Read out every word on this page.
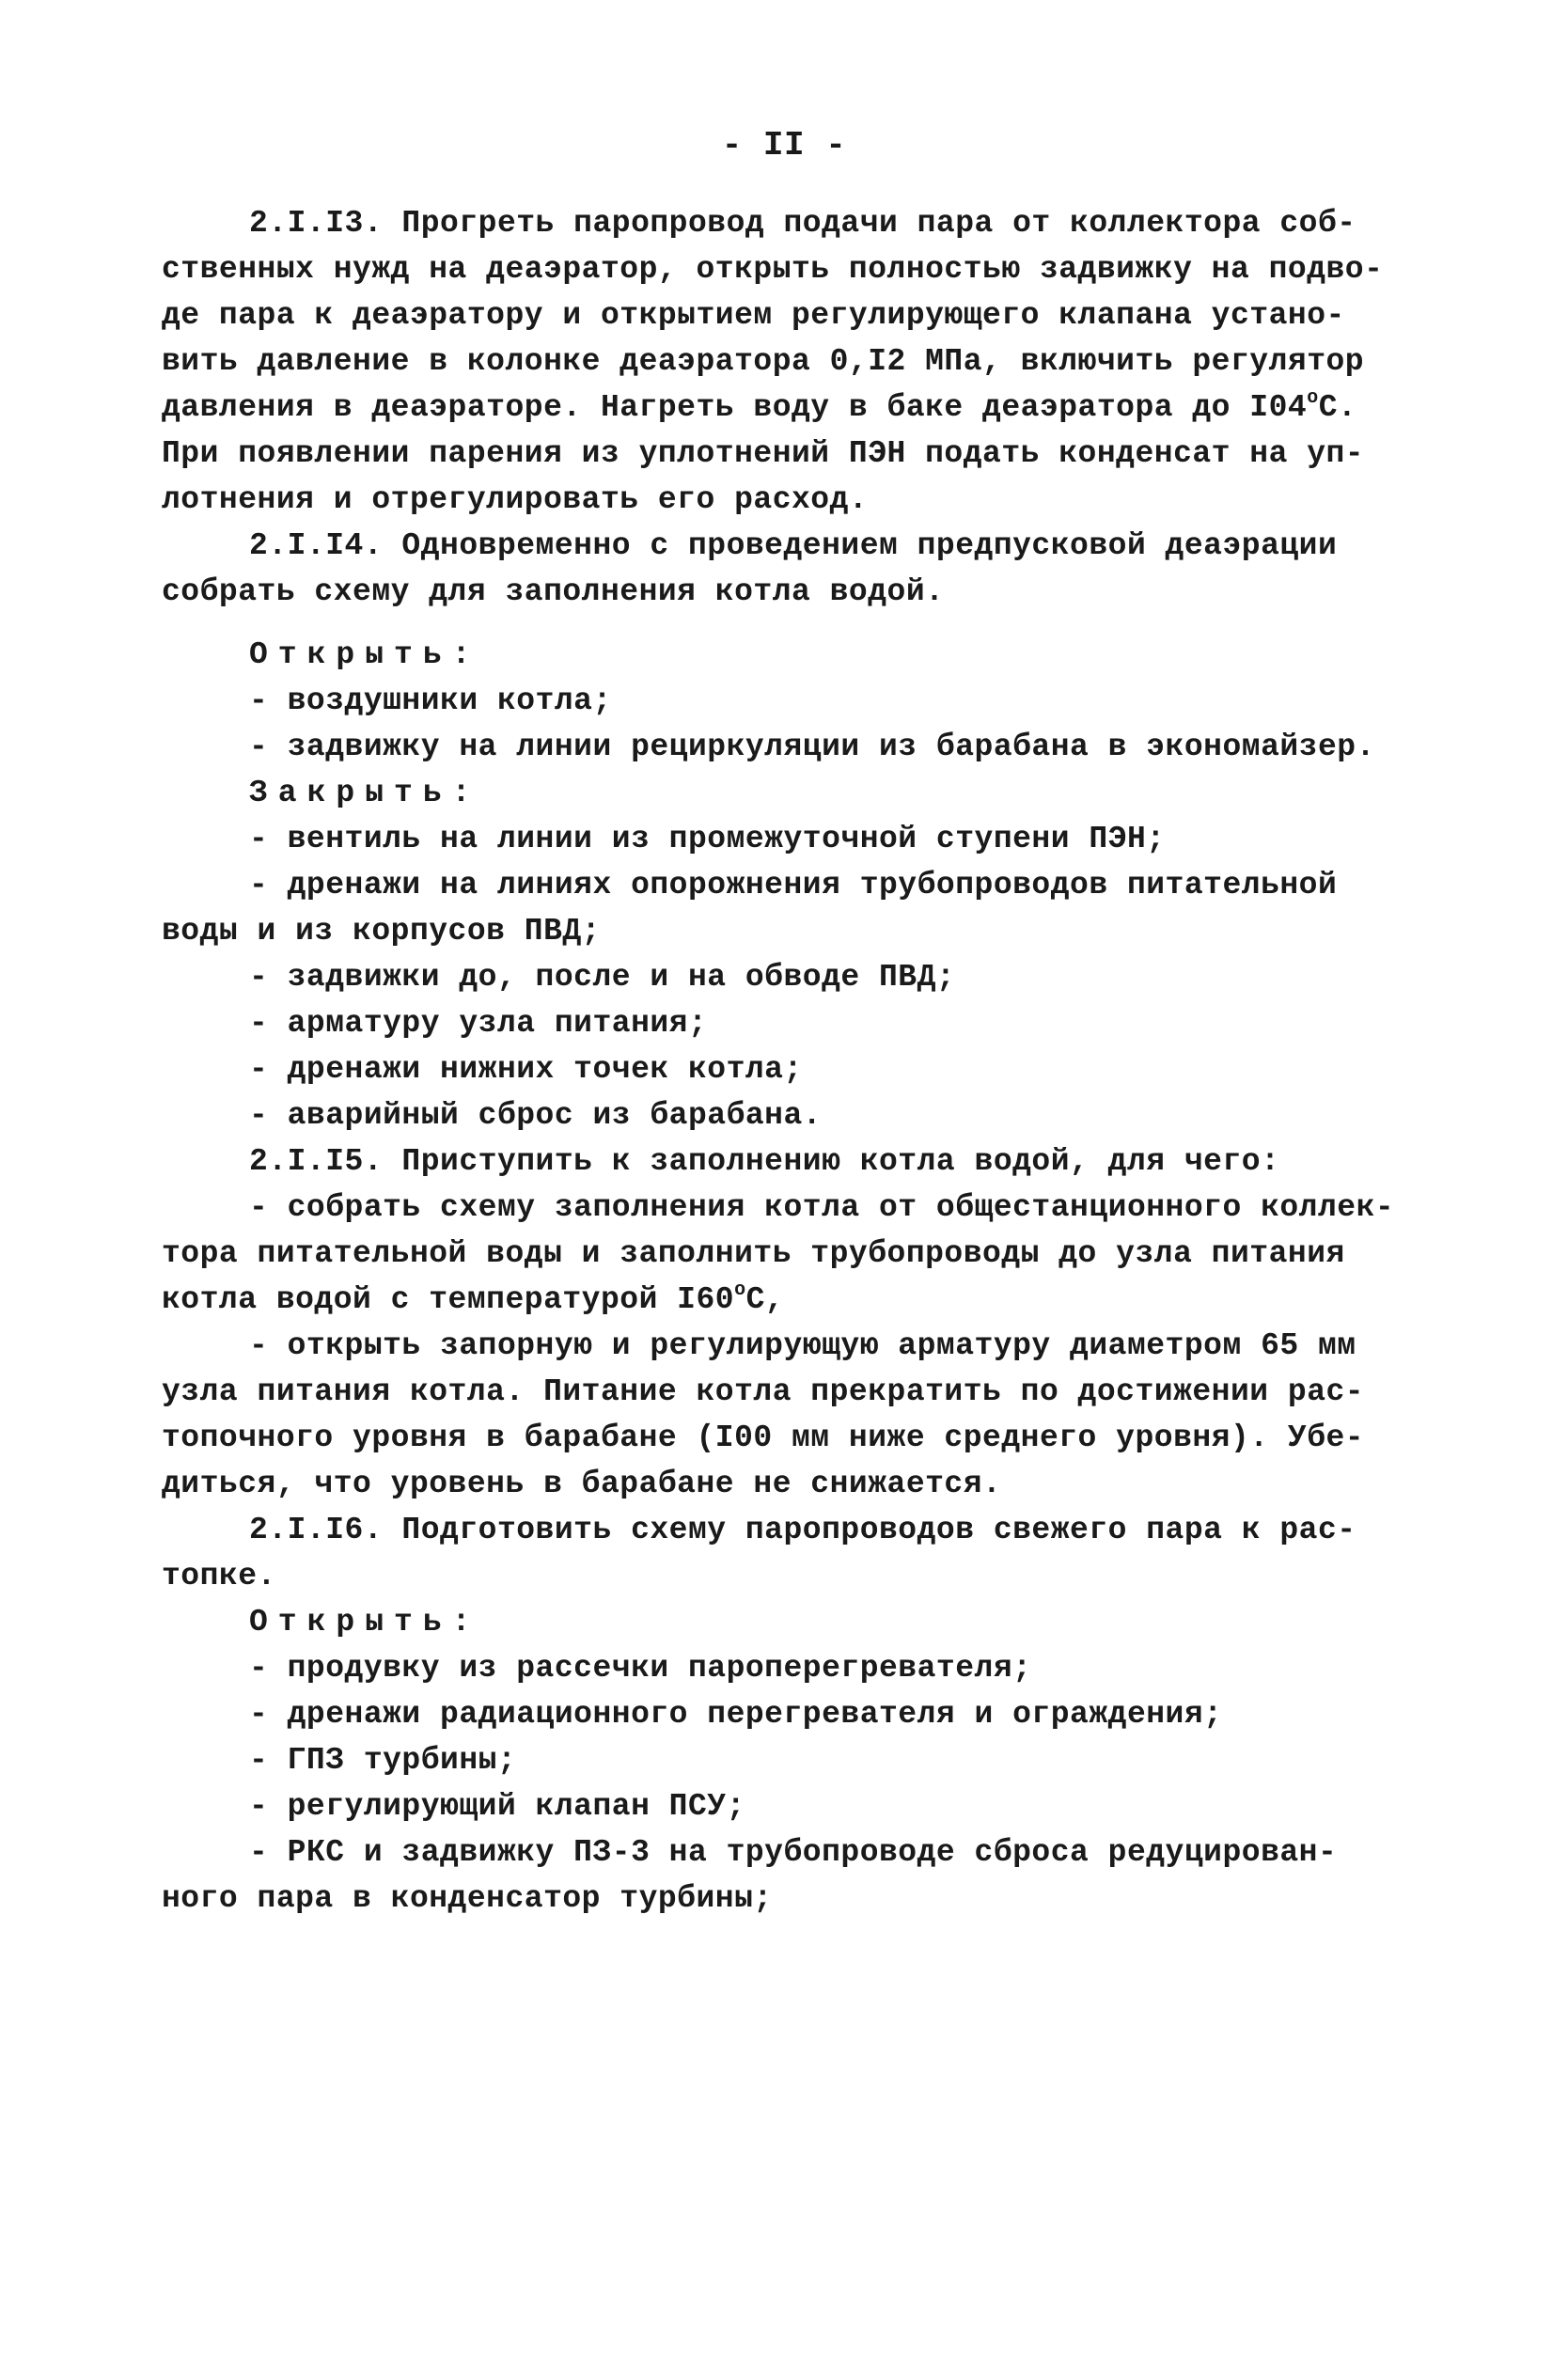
- II -
2.I.I3. Прогреть паропровод подачи пара от коллектора соб-
ственных нужд на деаэратор, открыть полностью задвижку на подво-
де пара к деаэратору и открытием регулирующего клапана устано-
вить давление в колонке деаэратора 0,I2 МПа, включить регулятор
давления в деаэраторе. Нагреть воду в баке деаэратора до I04$^o$С.
При появлении парения из уплотнений ПЭН подать конденсат на уп-
лотнения и отрегулировать его расход.
2.I.I4. Одновременно с проведением предпусковой деаэрации
собрать схему для заполнения котла водой.
Открыть:
- воздушники котла;
- задвижку на линии рециркуляции из барабана в экономайзер.
Закрыть:
- вентиль на линии из промежуточной ступени ПЭН;
- дренажи на линиях опорожнения трубопроводов питательной
воды и из корпусов ПВД;
- задвижки до, после и на обводе ПВД;
- арматуру узла питания;
- дренажи нижних точек котла;
- аварийный сброс из барабана.
2.I.I5. Приступить к заполнению котла водой, для чего:
- собрать схему заполнения котла от общестанционного коллек-
тора питательной воды и заполнить трубопроводы до узла питания
котла водой с температурой I60$^o$С,
- открыть запорную и регулирующую арматуру диаметром 65 мм
узла питания котла. Питание котла прекратить по достижении рас-
топочного уровня в барабане (I00 мм ниже среднего уровня). Убе-
диться, что уровень в барабане не снижается.
2.I.I6. Подготовить схему паропроводов свежего пара к рас-
топке.
Открыть:
- продувку из рассечки пароперегревателя;
- дренажи радиационного перегревателя и ограждения;
- ГПЗ турбины;
- регулирующий клапан ПСУ;
- РКС и задвижку ПЗ-3 на трубопроводе сброса редуцирован-
ного пара в конденсатор турбины;
